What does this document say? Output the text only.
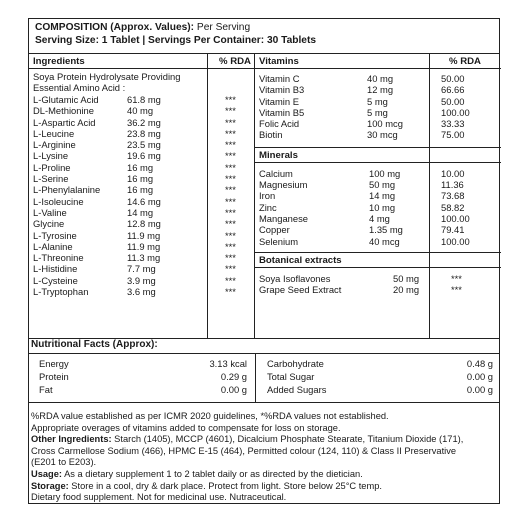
COMPOSITION (Approx. Values): Per Serving
Serving Size: 1 Tablet | Servings Per Container: 30 Tablets
Ingredients	% RDA
Soya Protein Hydrolysate Providing
Essential Amino Acid :
L-Glutamic Acid	61.8 mg	***
DL-Methionine	40 mg	***
L-Aspartic Acid	36.2 mg	***
L-Leucine	23.8 mg	***
L-Arginine	23.5 mg	***
L-Lysine	19.6 mg	***
L-Proline	16 mg	***
L-Serine	16 mg	***
L-Phenylalanine	16 mg	***
L-Isoleucine	14.6 mg	***
L-Valine	14 mg	***
Glycine	12.8 mg	***
L-Tyrosine	11.9 mg	***
L-Alanine	11.9 mg	***
L-Threonine	11.3 mg	***
L-Histidine	7.7 mg	***
L-Cysteine	3.9 mg	***
L-Tryptophan	3.6 mg	***
Vitamins	% RDA
Vitamin C	40 mg	50.00
Vitamin B3	12 mg	66.66
Vitamin E	5 mg	50.00
Vitamin B5	5 mg	100.00
Folic Acid	100 mcg	33.33
Biotin	30 mcg	75.00
Minerals
Calcium	100 mg	10.00
Magnesium	50 mg	11.36
Iron	14 mg	73.68
Zinc	10 mg	58.82
Manganese	4 mg	100.00
Copper	1.35 mg	79.41
Selenium	40 mcg	100.00
Botanical extracts
Soya Isoflavones	50 mg	***
Grape Seed Extract	20 mg	***
Nutritional Facts (Approx):
Energy	3.13 kcal
Protein	0.29 g
Fat	0.00 g
Carbohydrate	0.48 g
Total Sugar	0.00 g
Added Sugars	0.00 g

%RDA value established as per ICMR 2020 guidelines, *%RDA values not established.

Appropriate overages of vitamins added to compensate for loss on storage.

Other Ingredients: Starch (1405), MCCP (4601), Dicalcium Phosphate Stearate, Titanium Dioxide (171),

Cross Carmellose Sodium (466), HPMC E-15 (464), Permitted colour (124, 110) & Class II Preservative

(E201 to E203).

Usage: As a dietary supplement 1 to 2 tablet daily or as directed by the dietician.

Storage: Store in a cool, dry & dark place. Protect from light. Store below 25°C temp.

Dietary food supplement. Not for medicinal use. Nutraceutical.
